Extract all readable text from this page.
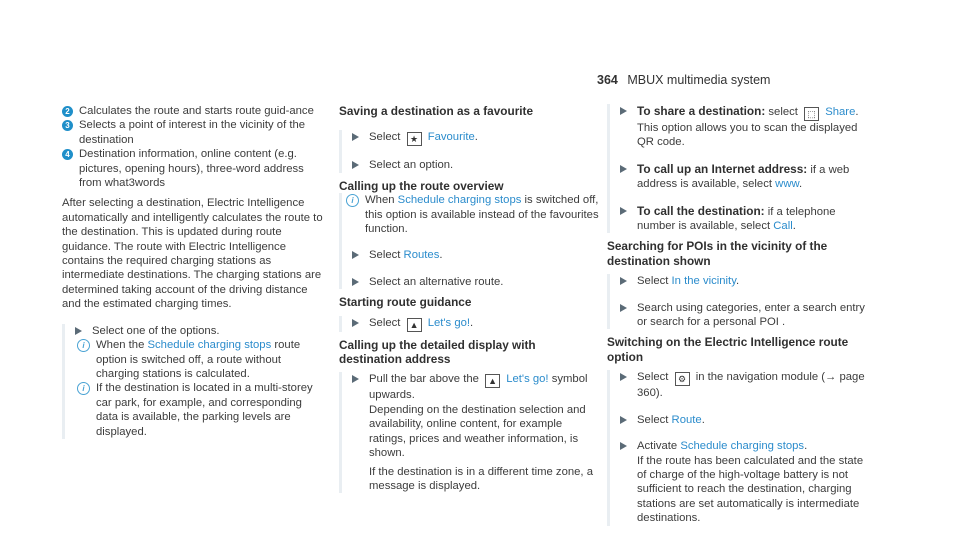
364 MBUX multimedia system
2 Calculates the route and starts route guid-ance
3 Selects a point of interest in the vicinity of the destination
4 Destination information, online content (e.g. pictures, opening hours), three-word address from what3words

After selecting a destination, Electric Intelligence automatically and intelligently calculates the route to the destination. This is updated during route guidance. The route with Electric Intelligence contains the required charging stations as intermediate destinations. The charging stations are determined taking account of the driving distance and the estimated charging times.

Select one of the options.
i	When the Schedule charging stops route option is switched off, a route without charging stations is calculated.
i	If the destination is located in a multi-storey car park, for example, and corresponding data is available, the parking levels are displayed.
Saving a destination as a favourite
Select ★ Favourite.
Select an option.
Calling up the route overview
i	When Schedule charging stops is switched off, this option is available instead of the favourites function.
Select Routes.
Select an alternative route.
Starting route guidance
Select ▲ Let's go!.
Calling up the detailed display with destination address
Pull the bar above the ▲ Let's go! symbol upwards.
Depending on the destination selection and availability, online content, for example ratings, prices and weather information, is shown.
If the destination is in a different time zone, a message is displayed.
To share a destination: select ⬚ Share.
This option allows you to scan the displayed QR code.
To call up an Internet address: if a web address is available, select www.
To call the destination: if a telephone number is available, select Call.
Searching for POIs in the vicinity of the destination shown
Select In the vicinity.
Search using categories, enter a search entry or search for a personal POI .
Switching on the Electric Intelligence route option
Select ⚙ in the navigation module (→ page 360).
Select Route.
Activate Schedule charging stops.
If the route has been calculated and the state of charge of the high-voltage battery is not sufficient to reach the destination, charging stations are set automatically is intermediate destinations.
